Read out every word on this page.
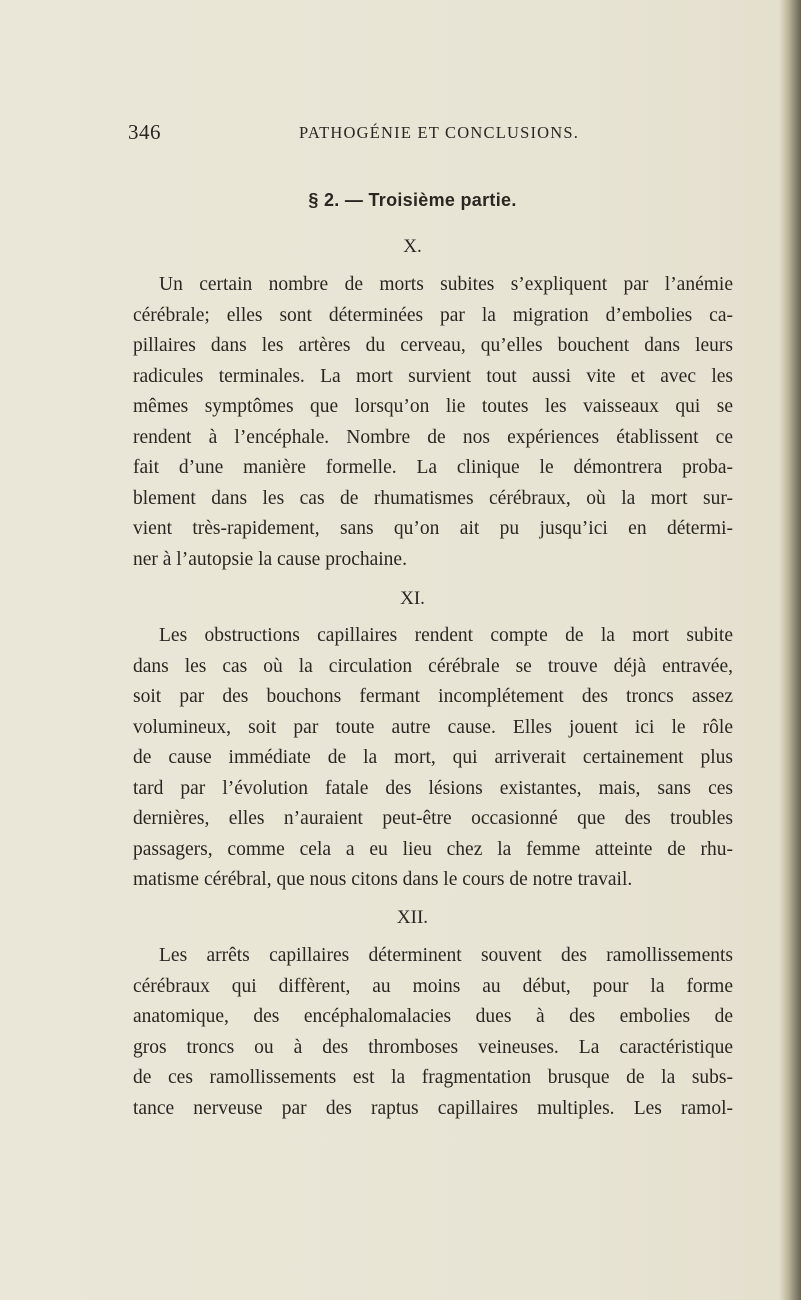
346	PATHOGÉNIE ET CONCLUSIONS.
§ 2. — Troisième partie.
X.
Un certain nombre de morts subites s’expliquent par l’anémie
cérébrale; elles sont déterminées par la migration d’embolies ca-
pillaires dans les artères du cerveau, qu’elles bouchent dans leurs
radicules terminales. La mort survient tout aussi vite et avec les
mêmes symptômes que lorsqu’on lie toutes les vaisseaux qui se
rendent à l’encéphale. Nombre de nos expériences établissent ce
fait d’une manière formelle. La clinique le démontrera proba-
blement dans les cas de rhumatismes cérébraux, où la mort sur-
vient très-rapidement, sans qu’on ait pu jusqu’ici en détermi-
ner à l’autopsie la cause prochaine.
XI.
Les obstructions capillaires rendent compte de la mort subite
dans les cas où la circulation cérébrale se trouve déjà entravée,
soit par des bouchons fermant incomplétement des troncs assez
volumineux, soit par toute autre cause. Elles jouent ici le rôle
de cause immédiate de la mort, qui arriverait certainement plus
tard par l’évolution fatale des lésions existantes, mais, sans ces
dernières, elles n’auraient peut-être occasionné que des troubles
passagers, comme cela a eu lieu chez la femme atteinte de rhu-
matisme cérébral, que nous citons dans le cours de notre travail.
XII.
Les arrêts capillaires déterminent souvent des ramollissements
cérébraux qui diffèrent, au moins au début, pour la forme
anatomique, des encéphalomalacies dues à des embolies de
gros troncs ou à des thromboses veineuses. La caractéristique
de ces ramollissements est la fragmentation brusque de la subs-
tance nerveuse par des raptus capillaires multiples. Les ramol-
